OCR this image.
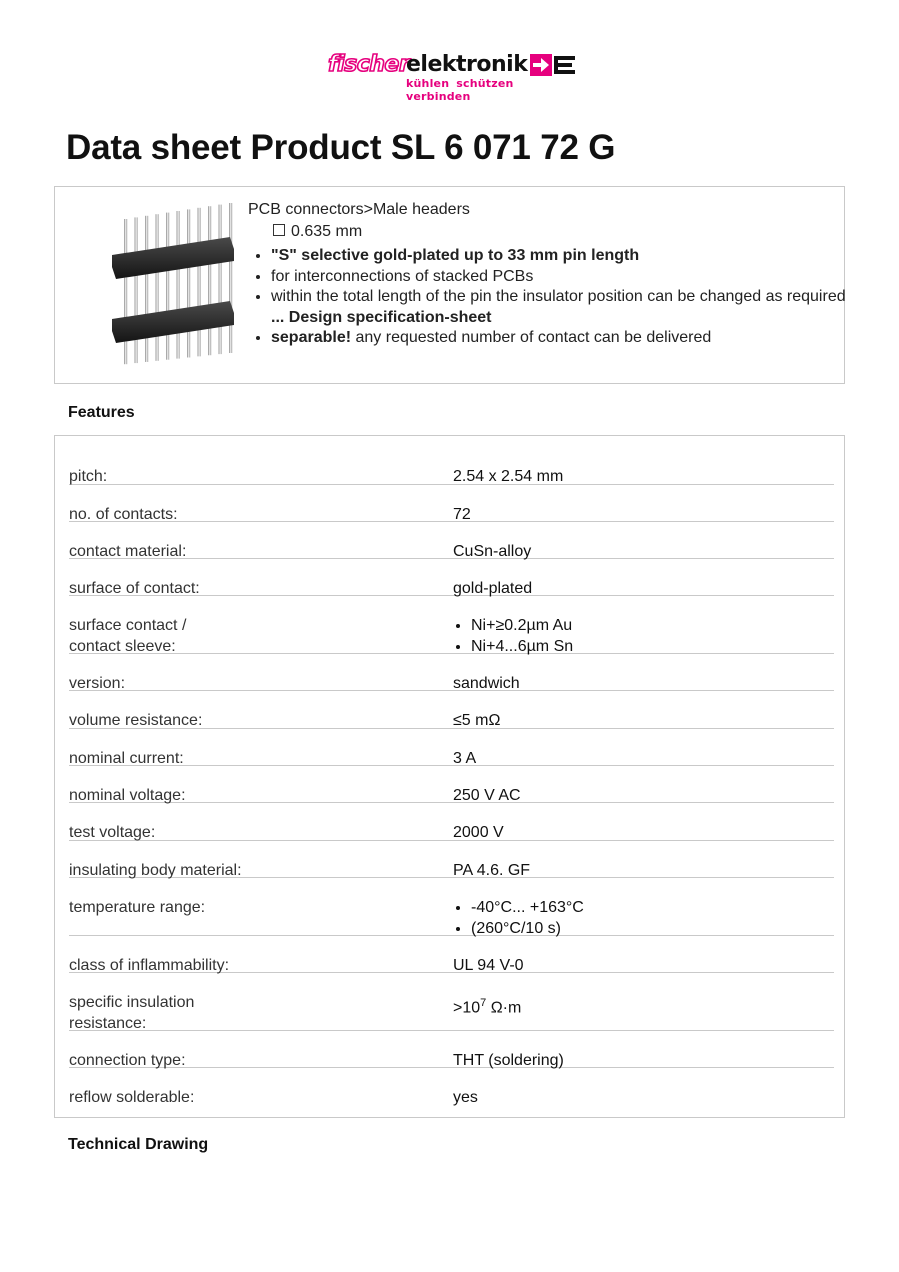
fischer
elektronik
kühlen schützen verbinden
Data sheet Product SL 6 071 72 G
PCB connectors>Male headers
0.635 mm
• "S" selective gold-plated up to 33 mm pin length
• for interconnections of stacked PCBs
• within the total length of the pin the insulator position can be changed as required ... Design specification-sheet
• separable! any requested number of contact can be delivered
Features
pitch:	2.54 x 2.54 mm
no. of contacts:	72
contact material:	CuSn-alloy
surface of contact:	gold-plated
surface contact /
contact sleeve:
• Ni+≥0.2µm Au
• Ni+4...6µm Sn
version:	sandwich
volume resistance:	≤5 mΩ
nominal current:	3 A
nominal voltage:	250 V AC
test voltage:	2000 V
insulating body material:	PA 4.6. GF
temperature range:
•	-40°C... +163°C
• (260°C/10 s)
class of inflammability:	UL 94 V-0
specific insulation
resistance:
$>10^7$ Ω·m
connection type:	THT (soldering)
reflow solderable:	yes
Technical Drawing
